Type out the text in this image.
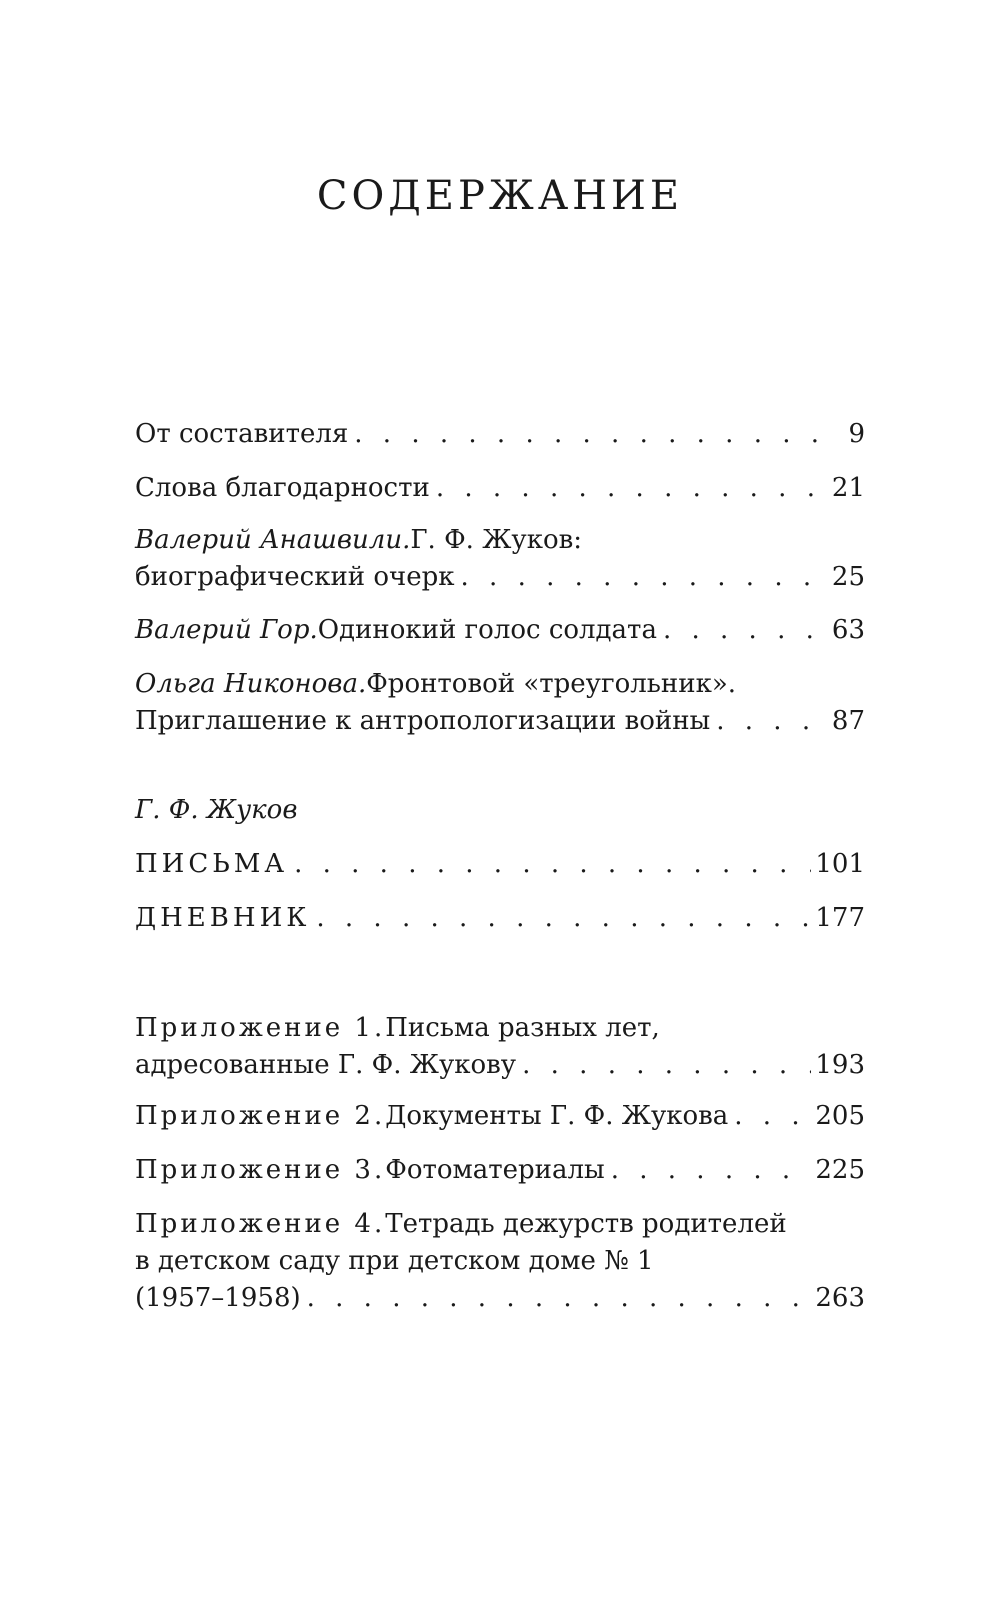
СОДЕРЖАНИЕ
От составителя . . .	9
Слова благодарности . . .	21
Валерий Анашвили. Г. Ф. Жуков:
биографический очерк . . .	25
Валерий Гор. Одинокий голос солдата . . .	63
Ольга Никонова. Фронтовой «треугольник».
Приглашение к антропологизации войны . . .	87
Г. Ф. Жуков
ПИСЬМА . . .	101
ДНЕВНИК . . .	177
Приложение 1. Письма разных лет,
адресованные Г. Ф. Жукову . . .	193
Приложение 2. Документы Г. Ф. Жукова . . .	205
Приложение 3. Фотоматериалы . . .	225
Приложение 4. Тетрадь дежурств родителей
в детском саду при детском доме № 1
(1957–1958) . . .	263
